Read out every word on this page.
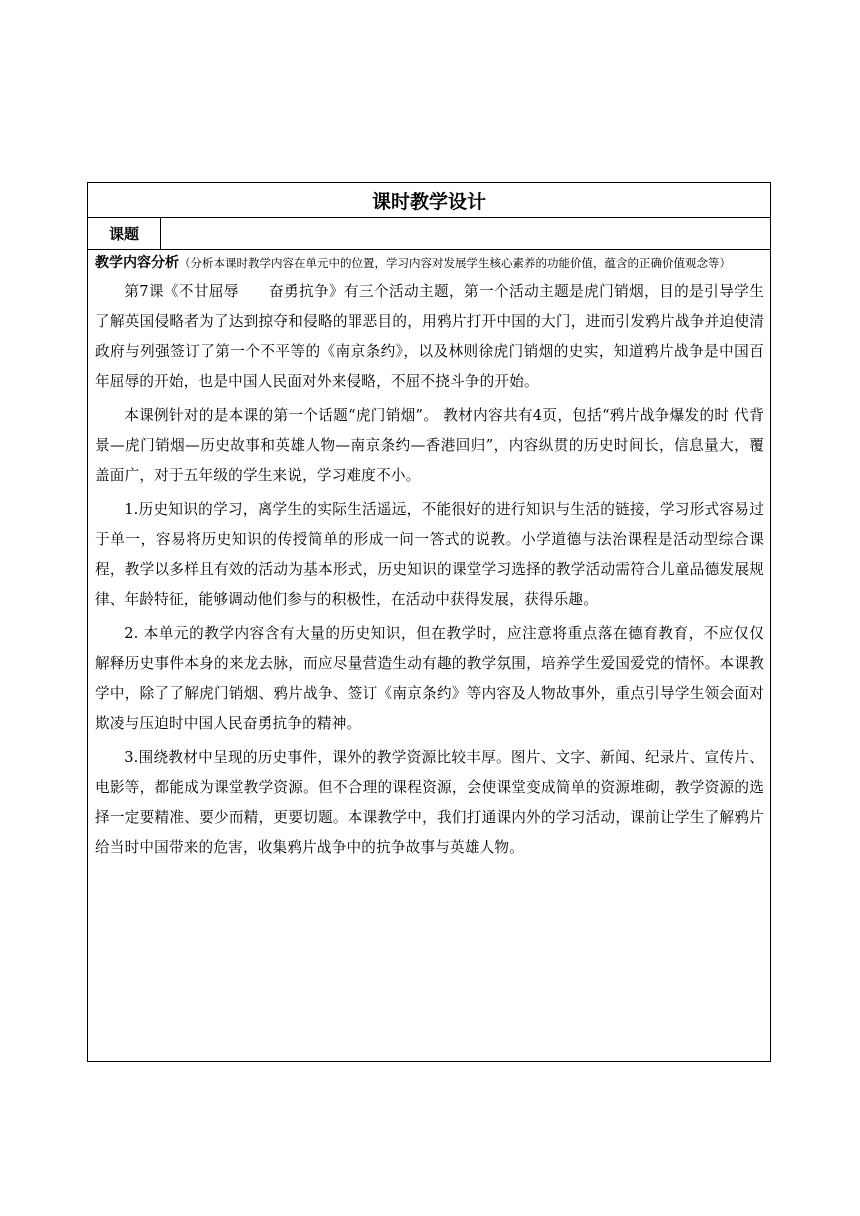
课时教学设计
课题

教学内容分析（分析本课时教学内容在单元中的位置，学习内容对发展学生核心素养的功能价值，蕴含的正确价值观念等）

第7课《不甘屈辱　　奋勇抗争》有三个活动主题，第一个活动主题是虎门销烟，目的是引导学生了解英国侵略者为了达到掠夺和侵略的罪恶目的，用鸦片打开中国的大门，进而引发鸦片战争并迫使清政府与列强签订了第一个不平等的《南京条约》，以及林则徐虎门销烟的史实，知道鸦片战争是中国百年屈辱的开始，也是中国人民面对外来侵略，不屈不挠斗争的开始。

本课例针对的是本课的第一个话题“虎门销烟”。 教材内容共有4页，包括“鸦片战争爆发的时 代背景—虎门销烟—历史故事和英雄人物—南京条约—香港回归”，内容纵贯的历史时间长，信息量大，覆盖面广，对于五年级的学生来说，学习难度不小。

1.历史知识的学习，离学生的实际生活遥远，不能很好的进行知识与生活的链接，学习形式容易过于单一，容易将历史知识的传授简单的形成一问一答式的说教。小学道德与法治课程是活动型综合课程，教学以多样且有效的活动为基本形式，历史知识的课堂学习选择的教学活动需符合儿童品德发展规律、年龄特征，能够调动他们参与的积极性，在活动中获得发展，获得乐趣。

2. 本单元的教学内容含有大量的历史知识，但在教学时，应注意将重点落在德育教育，不应仅仅解释历史事件本身的来龙去脉，而应尽量营造生动有趣的教学氛围，培养学生爱国爱党的情怀。本课教学中，除了了解虎门销烟、鸦片战争、签订《南京条约》等内容及人物故事外，重点引导学生领会面对欺凌与压迫时中国人民奋勇抗争的精神。

3.围绕教材中呈现的历史事件，课外的教学资源比较丰厚。图片、文字、新闻、纪录片、宣传片、电影等，都能成为课堂教学资源。但不合理的课程资源，会使课堂变成简单的资源堆砌，教学资源的选择一定要精准、要少而精，更要切题。本课教学中，我们打通课内外的学习活动，课前让学生了解鸦片给当时中国带来的危害，收集鸦片战争中的抗争故事与英雄人物。
